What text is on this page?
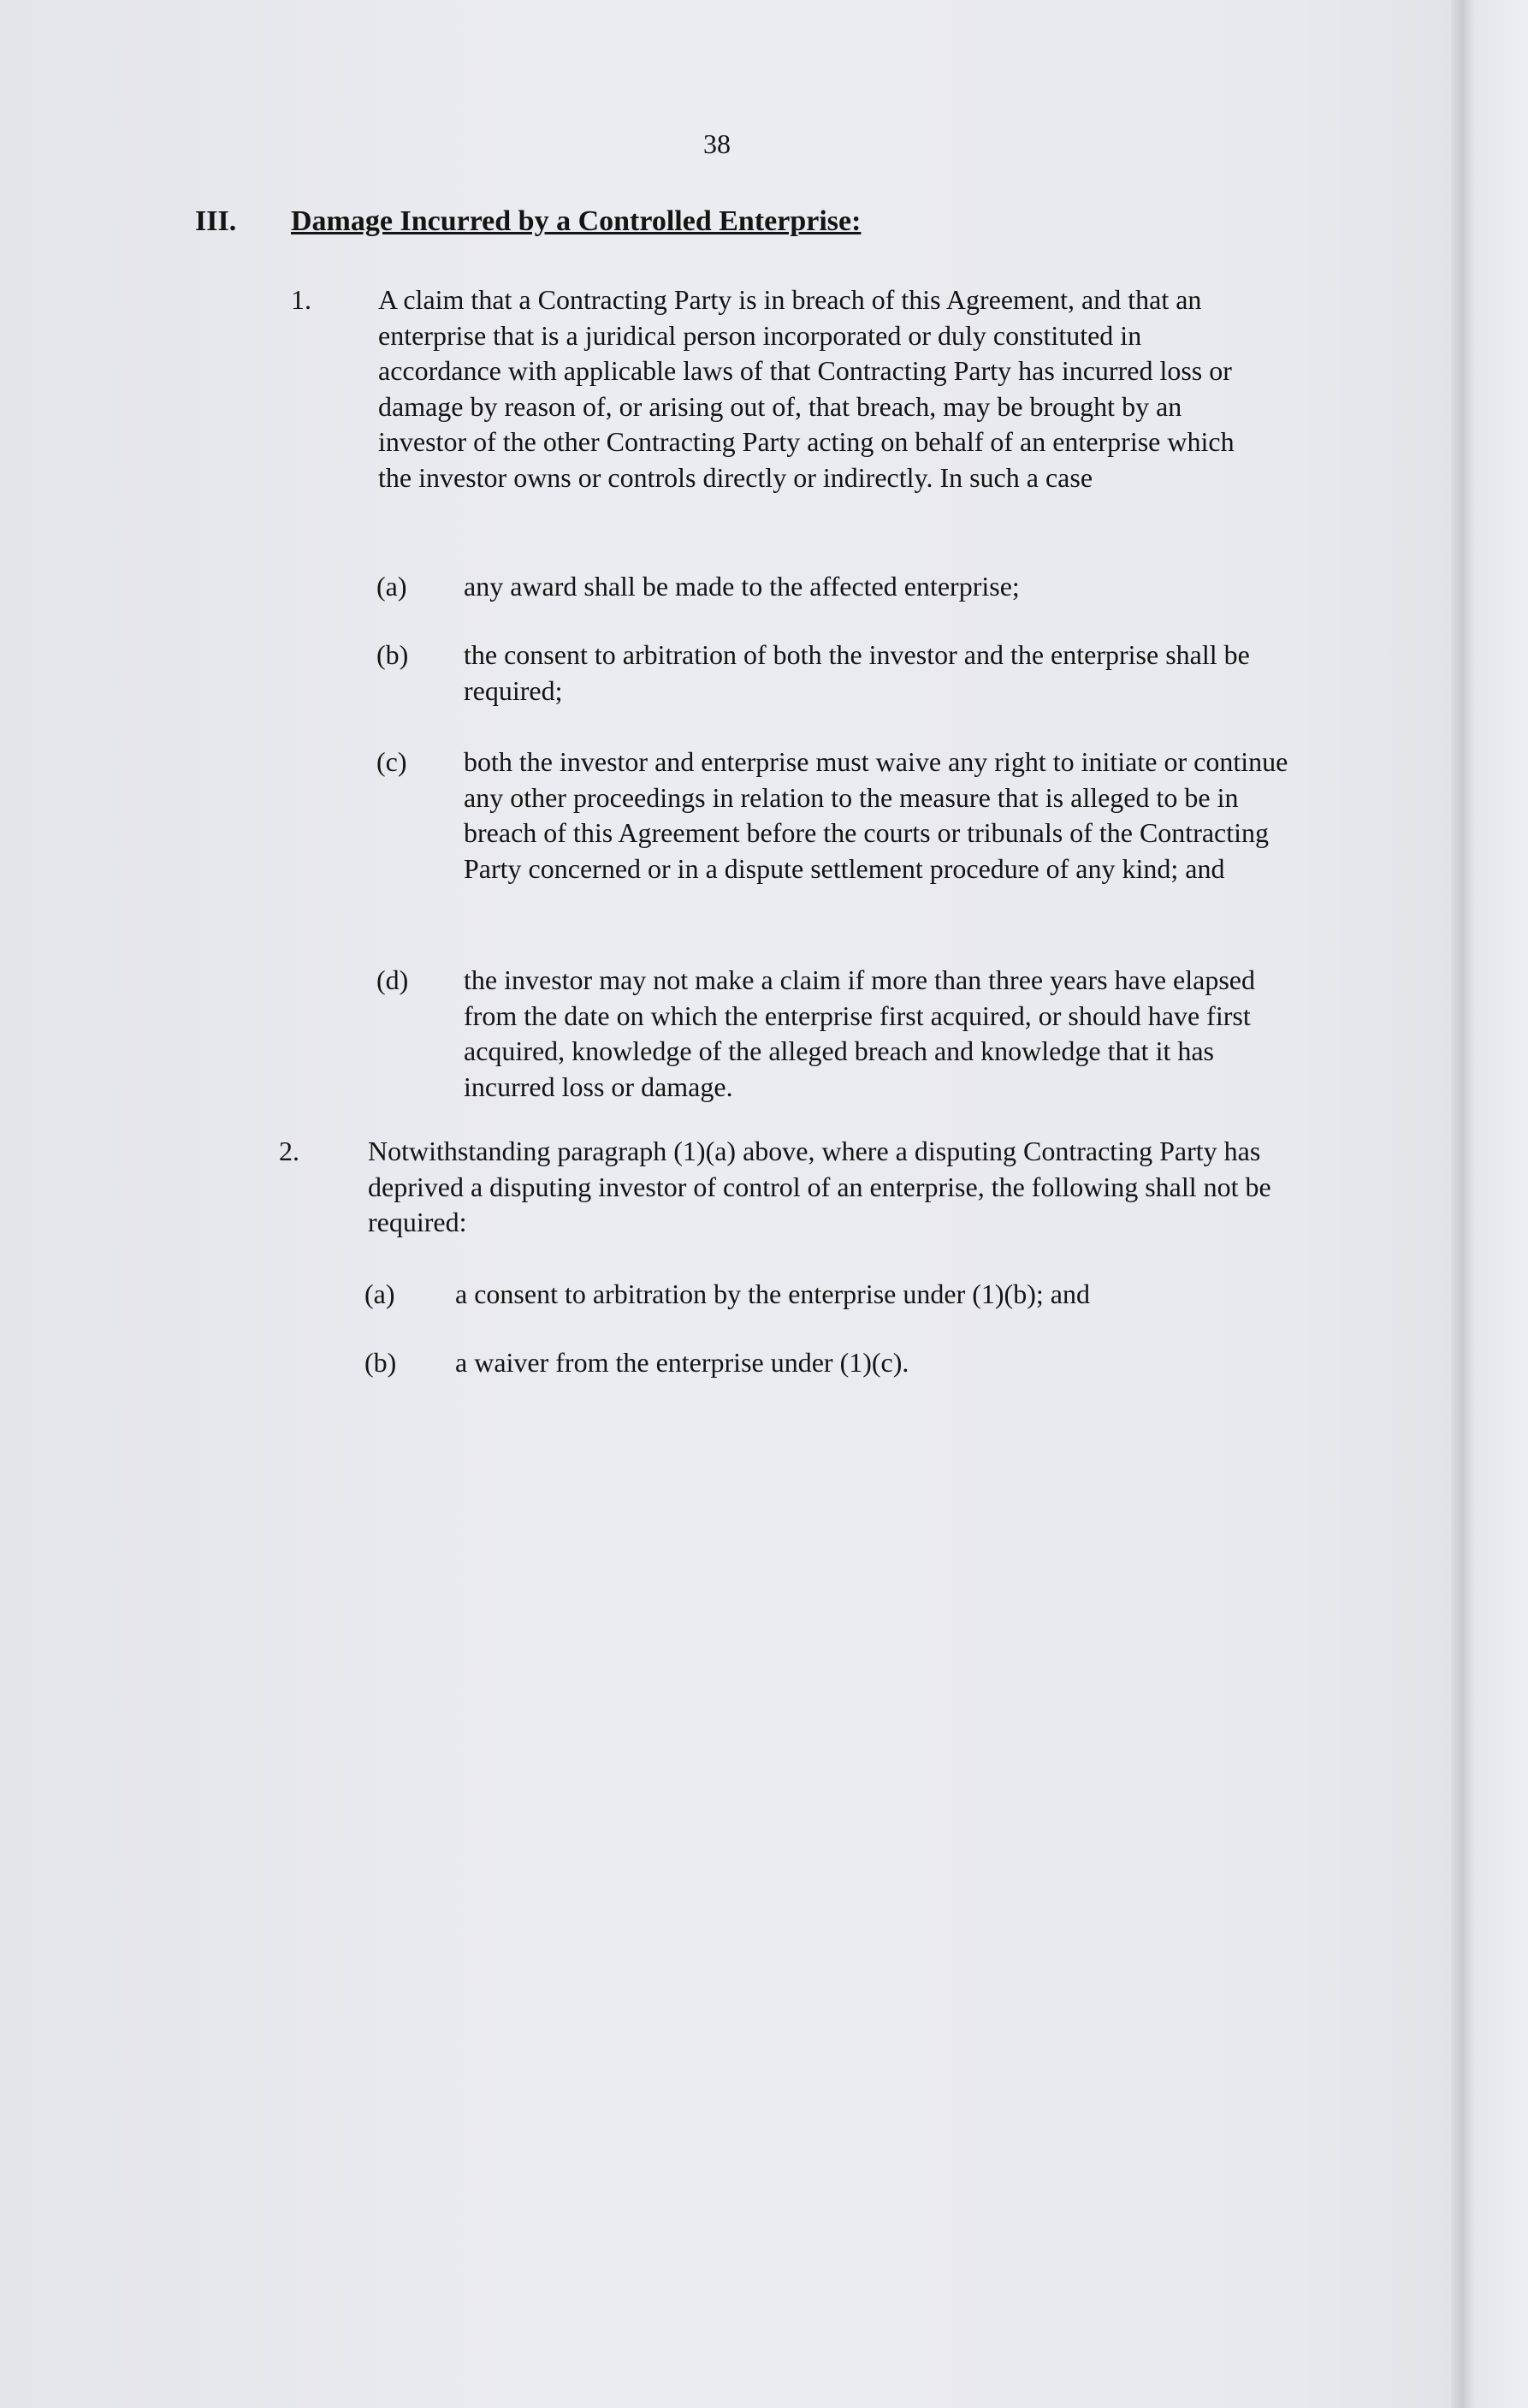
38
III. Damage Incurred by a Controlled Enterprise:
1. A claim that a Contracting Party is in breach of this Agreement, and that an enterprise that is a juridical person incorporated or duly constituted in accordance with applicable laws of that Contracting Party has incurred loss or damage by reason of, or arising out of, that breach, may be brought by an investor of the other Contracting Party acting on behalf of an enterprise which the investor owns or controls directly or indirectly. In such a case
(a) any award shall be made to the affected enterprise;
(b) the consent to arbitration of both the investor and the enterprise shall be required;
(c) both the investor and enterprise must waive any right to initiate or continue any other proceedings in relation to the measure that is alleged to be in breach of this Agreement before the courts or tribunals of the Contracting Party concerned or in a dispute settlement procedure of any kind; and
(d) the investor may not make a claim if more than three years have elapsed from the date on which the enterprise first acquired, or should have first acquired, knowledge of the alleged breach and knowledge that it has incurred loss or damage.
2.	Notwithstanding paragraph (1)(a) above, where a disputing Contracting Party has deprived a disputing investor of control of an enterprise, the following shall not be required:
(a) a consent to arbitration by the enterprise under (1)(b); and
(b) a waiver from the enterprise under (1)(c).
